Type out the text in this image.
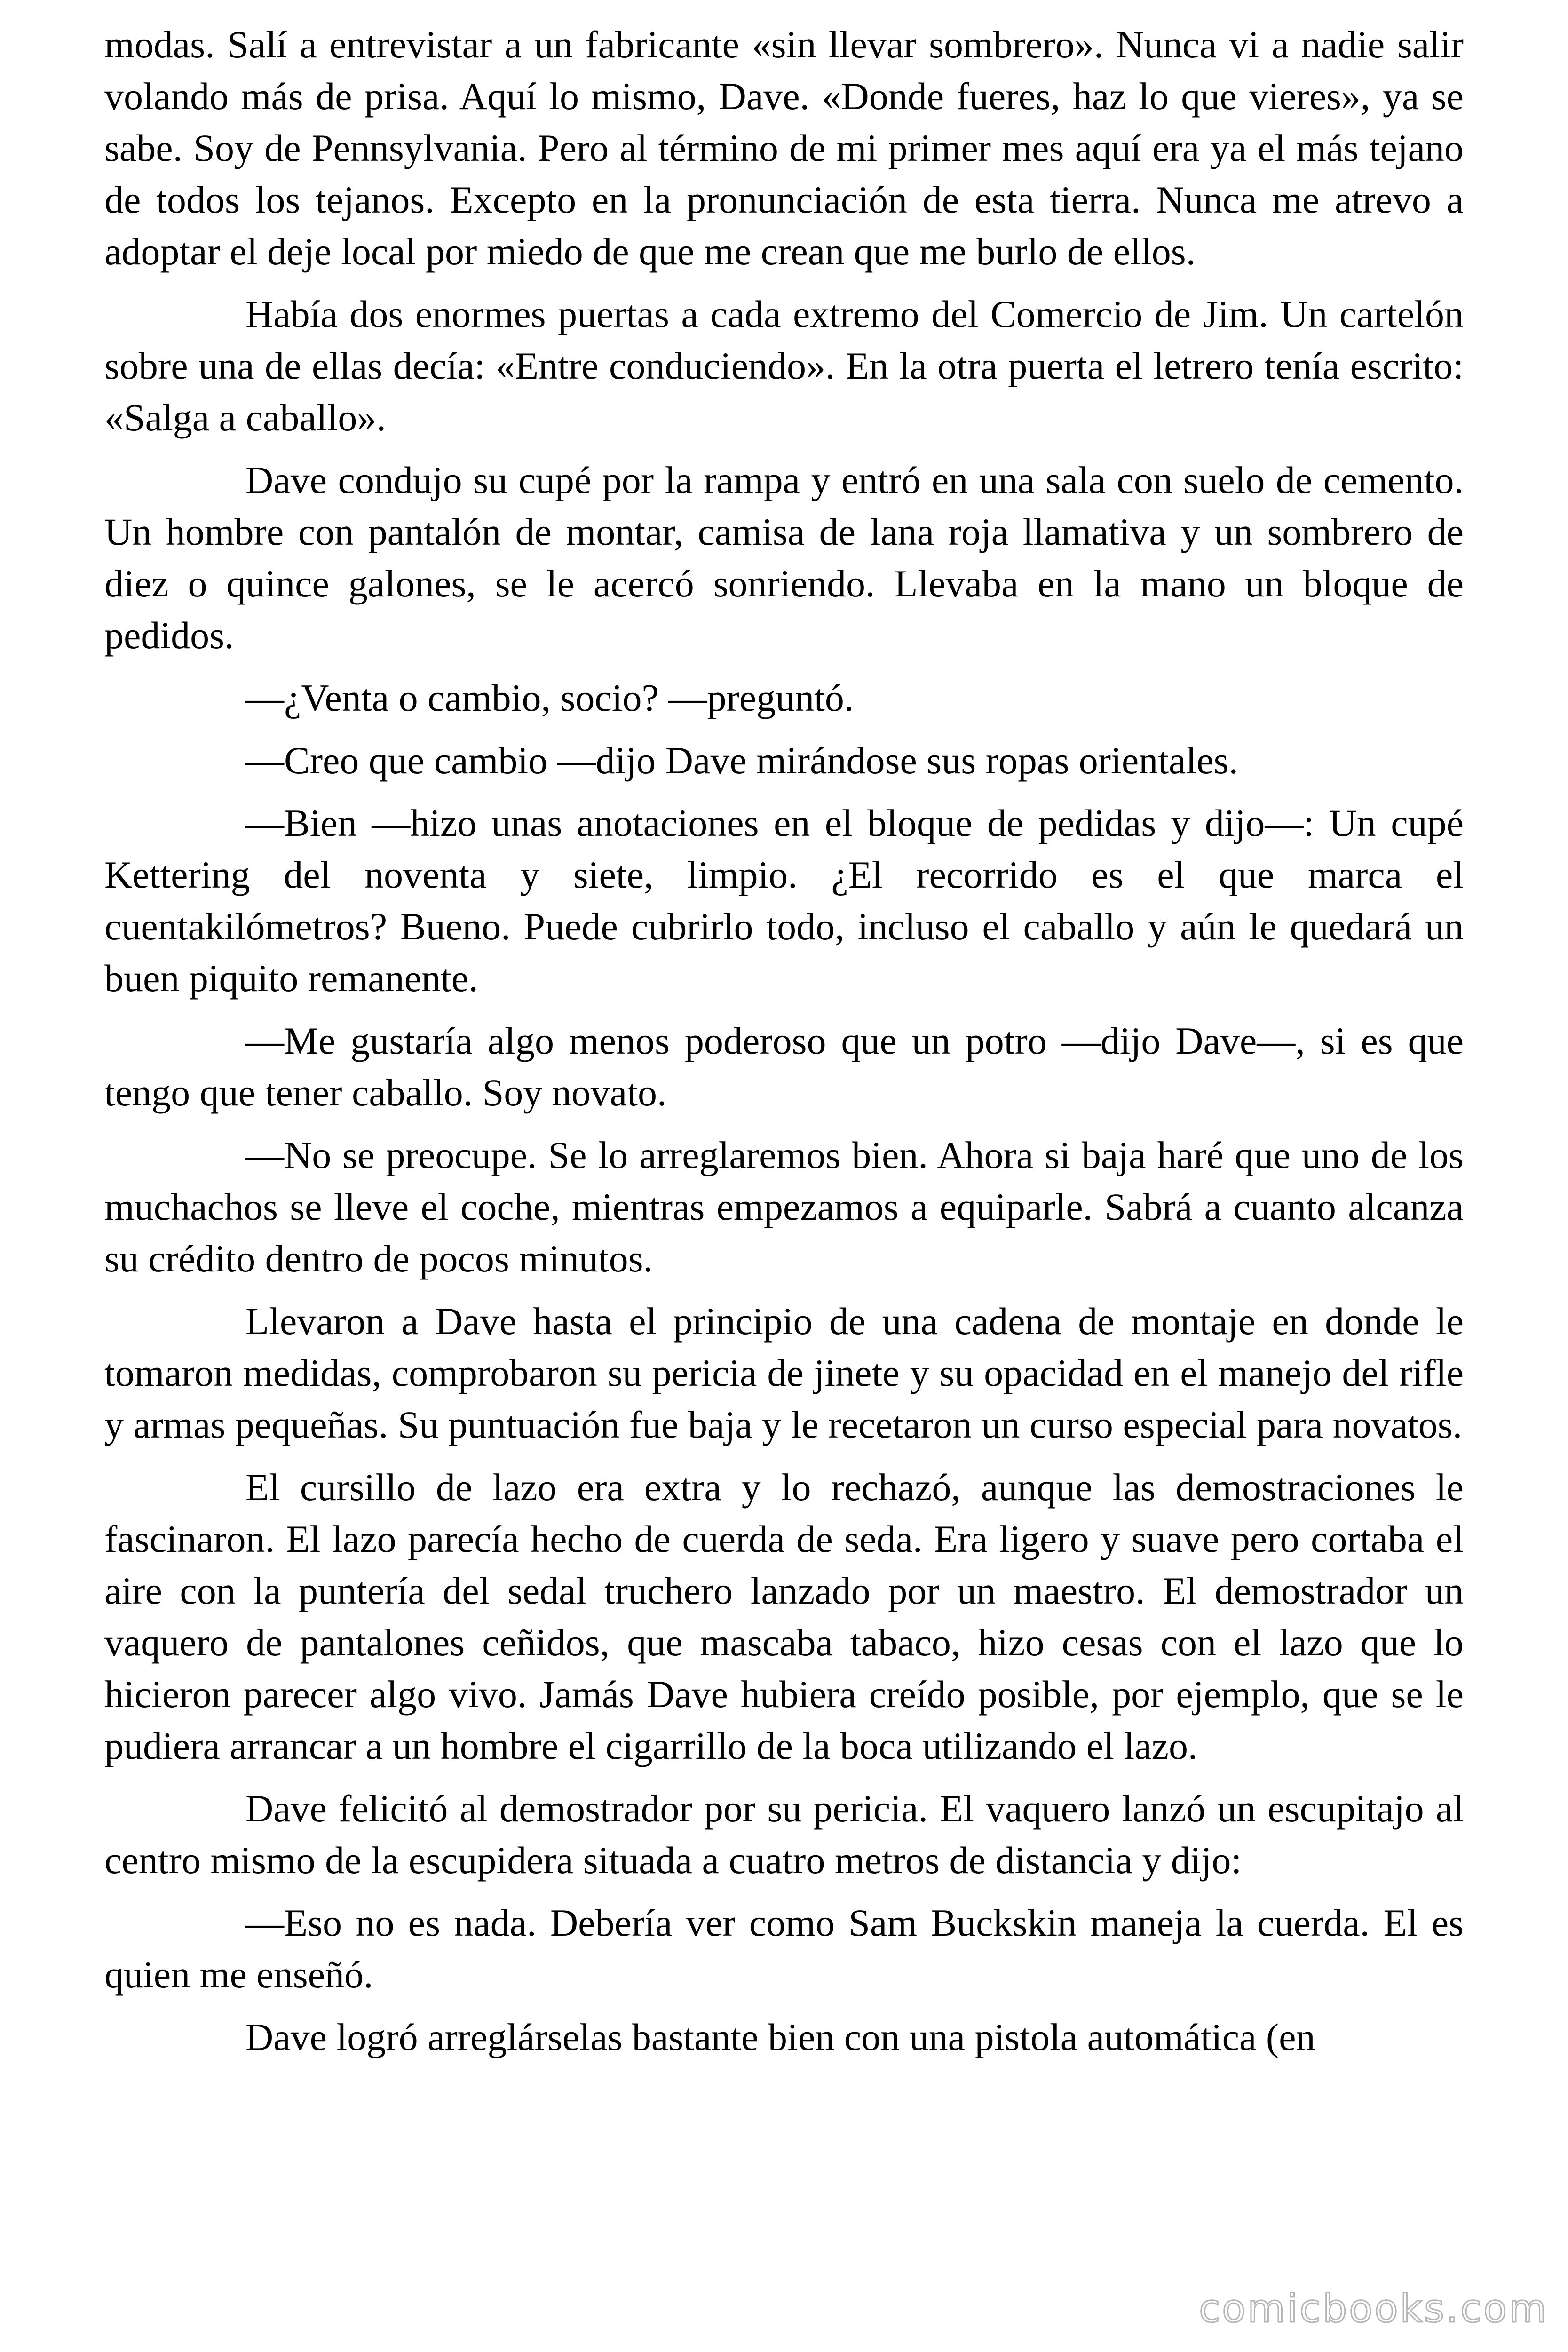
modas. Salí a entrevistar a un fabricante «sin llevar sombrero». Nunca vi a nadie salir volando más de prisa. Aquí lo mismo, Dave. «Donde fueres, haz lo que vieres», ya se sabe. Soy de Pennsylvania. Pero al término de mi primer mes aquí era ya el más tejano de todos los tejanos. Excepto en la pronunciación de esta tierra. Nunca me atrevo a adoptar el deje local por miedo de que me crean que me burlo de ellos.

Había dos enormes puertas a cada extremo del Comercio de Jim. Un cartelón sobre una de ellas decía: «Entre conduciendo». En la otra puerta el letrero tenía escrito: «Salga a caballo».

Dave condujo su cupé por la rampa y entró en una sala con suelo de cemento. Un hombre con pantalón de montar, camisa de lana roja llamativa y un sombrero de diez o quince galones, se le acercó sonriendo. Llevaba en la mano un bloque de pedidos.

—¿Venta o cambio, socio? —preguntó.

—Creo que cambio —dijo Dave mirándose sus ropas orientales.

—Bien —hizo unas anotaciones en el bloque de pedidas y dijo—: Un cupé Kettering del noventa y siete, limpio. ¿El recorrido es el que marca el cuentakilómetros? Bueno. Puede cubrirlo todo, incluso el caballo y aún le quedará un buen piquito remanente.

—Me gustaría algo menos poderoso que un potro —dijo Dave—, si es que tengo que tener caballo. Soy novato.

—No se preocupe. Se lo arreglaremos bien. Ahora si baja haré que uno de los muchachos se lleve el coche, mientras empezamos a equiparle. Sabrá a cuanto alcanza su crédito dentro de pocos minutos.

Llevaron a Dave hasta el principio de una cadena de montaje en donde le tomaron medidas, comprobaron su pericia de jinete y su opacidad en el manejo del rifle y armas pequeñas. Su puntuación fue baja y le recetaron un curso especial para novatos.

El cursillo de lazo era extra y lo rechazó, aunque las demostraciones le fascinaron. El lazo parecía hecho de cuerda de seda. Era ligero y suave pero cortaba el aire con la puntería del sedal truchero lanzado por un maestro. El demostrador un vaquero de pantalones ceñidos, que mascaba tabaco, hizo cesas con el lazo que lo hicieron parecer algo vivo. Jamás Dave hubiera creído posible, por ejemplo, que se le pudiera arrancar a un hombre el cigarrillo de la boca utilizando el lazo.

Dave felicitó al demostrador por su pericia. El vaquero lanzó un escupitajo al centro mismo de la escupidera situada a cuatro metros de distancia y dijo:

—Eso no es nada. Debería ver como Sam Buckskin maneja la cuerda. El es quien me enseñó.

Dave logró arreglárselas bastante bien con una pistola automática (en

comicbooks.com
